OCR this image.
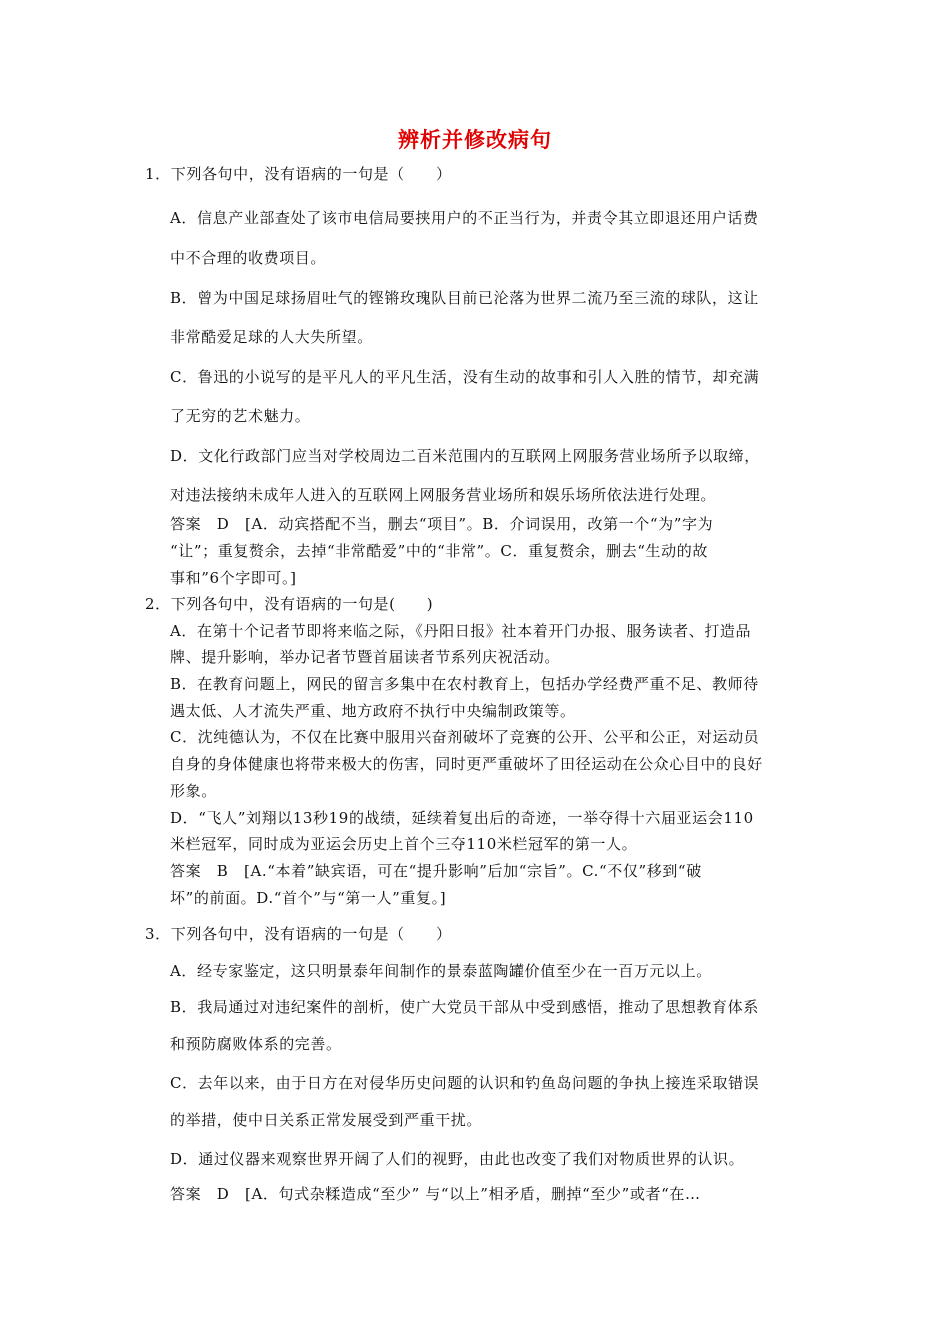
辨析并修改病句
1．下列各句中，没有语病的一句是（　　）
A．信息产业部查处了该市电信局要挟用户的不正当行为，并责令其立即退还用户话费
中不合理的收费项目。
B．曾为中国足球扬眉吐气的铿锵玫瑰队目前已沦落为世界二流乃至三流的球队，这让
非常酷爱足球的人大失所望。
C．鲁迅的小说写的是平凡人的平凡生活，没有生动的故事和引人入胜的情节，却充满
了无穷的艺术魅力。
D．文化行政部门应当对学校周边二百米范围内的互联网上网服务营业场所予以取缔，
对违法接纳未成年人进入的互联网上网服务营业场所和娱乐场所依法进行处理。
答案　D　[A．动宾搭配不当，删去“项目”。B．介词误用，改第一个“为”字为
“让”；重复赘余，去掉“非常酷爱”中的“非常”。C．重复赘余，删去“生动的故
事和”6个字即可。]
2．下列各句中，没有语病的一句是(　　)
A．在第十个记者节即将来临之际，《丹阳日报》社本着开门办报、服务读者、打造品
牌、提升影响，举办记者节暨首届读者节系列庆祝活动。
B．在教育问题上，网民的留言多集中在农村教育上，包括办学经费严重不足、教师待
遇太低、人才流失严重、地方政府不执行中央编制政策等。
C．沈纯德认为，不仅在比赛中服用兴奋剂破坏了竞赛的公开、公平和公正，对运动员
自身的身体健康也将带来极大的伤害，同时更严重破坏了田径运动在公众心目中的良好
形象。
D．“飞人”刘翔以13秒19的战绩，延续着复出后的奇迹，一举夺得十六届亚运会110
米栏冠军，同时成为亚运会历史上首个三夺110米栏冠军的第一人。
答案　B　[A.“本着”缺宾语，可在“提升影响”后加“宗旨”。C.“不仅”移到“破
坏”的前面。D.“首个”与“第一人”重复。]
3．下列各句中，没有语病的一句是（　　）
A．经专家鉴定，这只明景泰年间制作的景泰蓝陶罐价值至少在一百万元以上。
B．我局通过对违纪案件的剖析，使广大党员干部从中受到感悟，推动了思想教育体系
和预防腐败体系的完善。
C．去年以来，由于日方在对侵华历史问题的认识和钓鱼岛问题的争执上接连采取错误
的举措，使中日关系正常发展受到严重干扰。
D．通过仪器来观察世界开阔了人们的视野，由此也改变了我们对物质世界的认识。
答案　D　[A．句式杂糅造成“至少” 与“以上”相矛盾，删掉“至少”或者“在…
